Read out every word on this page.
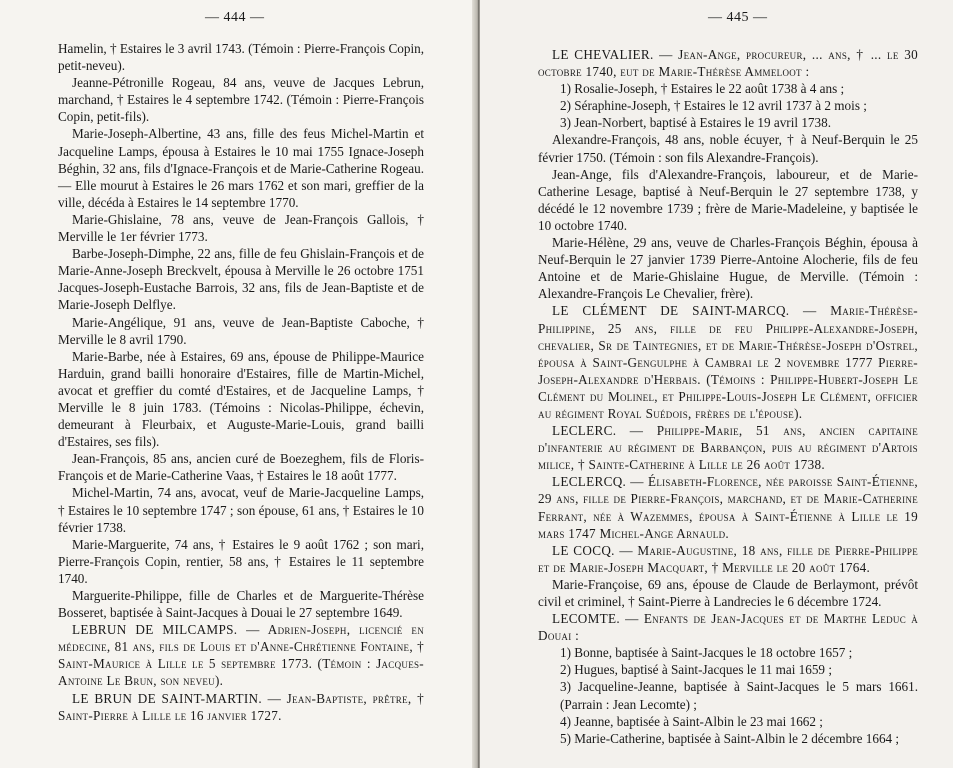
— 444 —

Hamelin, † Estaires le 3 avril 1743. (Témoin : Pierre-François Copin, petit-neveu).

Jeanne-Pétronille Rogeau, 84 ans, veuve de Jacques Lebrun, marchand, † Estaires le 4 septembre 1742. (Témoin : Pierre-François Copin, petit-fils).

Marie-Joseph-Albertine, 43 ans, fille des feus Michel-Martin et Jacqueline Lamps, épousa à Estaires le 10 mai 1755 Ignace-Joseph Béghin, 32 ans, fils d'Ignace-François et de Marie-Catherine Rogeau. — Elle mourut à Estaires le 26 mars 1762 et son mari, greffier de la ville, décéda à Estaires le 14 septembre 1770.

Marie-Ghislaine, 78 ans, veuve de Jean-François Gallois, † Merville le 1er février 1773.

Barbe-Joseph-Dimphe, 22 ans, fille de feu Ghislain-François et de Marie-Anne-Joseph Breckvelt, épousa à Merville le 26 octobre 1751 Jacques-Joseph-Eustache Barrois, 32 ans, fils de Jean-Baptiste et de Marie-Joseph Delflye.

Marie-Angélique, 91 ans, veuve de Jean-Baptiste Caboche, † Merville le 8 avril 1790.

Marie-Barbe, née à Estaires, 69 ans, épouse de Philippe-Maurice Harduin, grand bailli honoraire d'Estaires, fille de Martin-Michel, avocat et greffier du comté d'Estaires, et de Jacqueline Lamps, † Merville le 8 juin 1783. (Témoins : Nicolas-Philippe, échevin, demeurant à Fleurbaix, et Auguste-Marie-Louis, grand bailli d'Estaires, ses fils).

Jean-François, 85 ans, ancien curé de Boezeghem, fils de Floris-François et de Marie-Catherine Vaas, † Estaires le 18 août 1777.

Michel-Martin, 74 ans, avocat, veuf de Marie-Jacqueline Lamps, † Estaires le 10 septembre 1747 ; son épouse, 61 ans, † Estaires le 10 février 1738.

Marie-Marguerite, 74 ans, † Estaires le 9 août 1762 ; son mari, Pierre-François Copin, rentier, 58 ans, † Estaires le 11 septembre 1740.

Marguerite-Philippe, fille de Charles et de Marguerite-Thérèse Bosseret, baptisée à Saint-Jacques à Douai le 27 septembre 1649.

LEBRUN DE MILCAMPS. — Adrien-Joseph, licencié en médecine, 81 ans, fils de Louis et d'Anne-Chrétienne Fontaine, † Saint-Maurice à Lille le 5 septembre 1773. (Témoin : Jacques-Antoine Le Brun, son neveu).

LE BRUN DE SAINT-MARTIN. — Jean-Baptiste, prêtre, † Saint-Pierre à Lille le 16 janvier 1727.

— 445 —

LE CHEVALIER. — Jean-Ange, procureur, ... ans, † ... le 30 octobre 1740, eut de Marie-Thérèse Ammeloot :

1) Rosalie-Joseph, † Estaires le 22 août 1738 à 4 ans ;

2) Séraphine-Joseph, † Estaires le 12 avril 1737 à 2 mois ;

3) Jean-Norbert, baptisé à Estaires le 19 avril 1738.

Alexandre-François, 48 ans, noble écuyer, † à Neuf-Berquin le 25 février 1750. (Témoin : son fils Alexandre-François).

Jean-Ange, fils d'Alexandre-François, laboureur, et de Marie-Catherine Lesage, baptisé à Neuf-Berquin le 27 septembre 1738, y décédé le 12 novembre 1739 ; frère de Marie-Madeleine, y baptisée le 10 octobre 1740.

Marie-Hélène, 29 ans, veuve de Charles-François Béghin, épousa à Neuf-Berquin le 27 janvier 1739 Pierre-Antoine Alocherie, fils de feu Antoine et de Marie-Ghislaine Hugue, de Merville. (Témoin : Alexandre-François Le Chevalier, frère).

LE CLÉMENT DE SAINT-MARCQ. — Marie-Thérèse-Philippine, 25 ans, fille de feu Philippe-Alexandre-Joseph, chevalier, Sr de Taintegnies, et de Marie-Thérèse-Joseph d'Ostrel, épousa à Saint-Gengulphe à Cambrai le 2 novembre 1777 Pierre-Joseph-Alexandre d'Herbais. (Témoins : Philippe-Hubert-Joseph Le Clément du Molinel, et Philippe-Louis-Joseph Le Clément, officier au régiment Royal Suédois, frères de l'épouse).

LECLERC. — Philippe-Marie, 51 ans, ancien capitaine d'infanterie au régiment de Barbançon, puis au régiment d'Artois milice, † Sainte-Catherine à Lille le 26 août 1738.

LECLERCQ. — Élisabeth-Florence, née paroisse Saint-Étienne, 29 ans, fille de Pierre-François, marchand, et de Marie-Catherine Ferrant, née à Wazemmes, épousa à Saint-Étienne à Lille le 19 mars 1747 Michel-Ange Arnauld.

LE COCQ. — Marie-Augustine, 18 ans, fille de Pierre-Philippe et de Marie-Joseph Macquart, † Merville le 20 août 1764.

Marie-Françoise, 69 ans, épouse de Claude de Berlaymont, prévôt civil et criminel, † Saint-Pierre à Landrecies le 6 décembre 1724.

LECOMTE. — Enfants de Jean-Jacques et de Marthe Leduc à Douai :

1) Bonne, baptisée à Saint-Jacques le 18 octobre 1657 ;

2) Hugues, baptisé à Saint-Jacques le 11 mai 1659 ;

3) Jacqueline-Jeanne, baptisée à Saint-Jacques le 5 mars 1661. (Parrain : Jean Lecomte) ;

4) Jeanne, baptisée à Saint-Albin le 23 mai 1662 ;

5) Marie-Catherine, baptisée à Saint-Albin le 2 décembre 1664 ;
